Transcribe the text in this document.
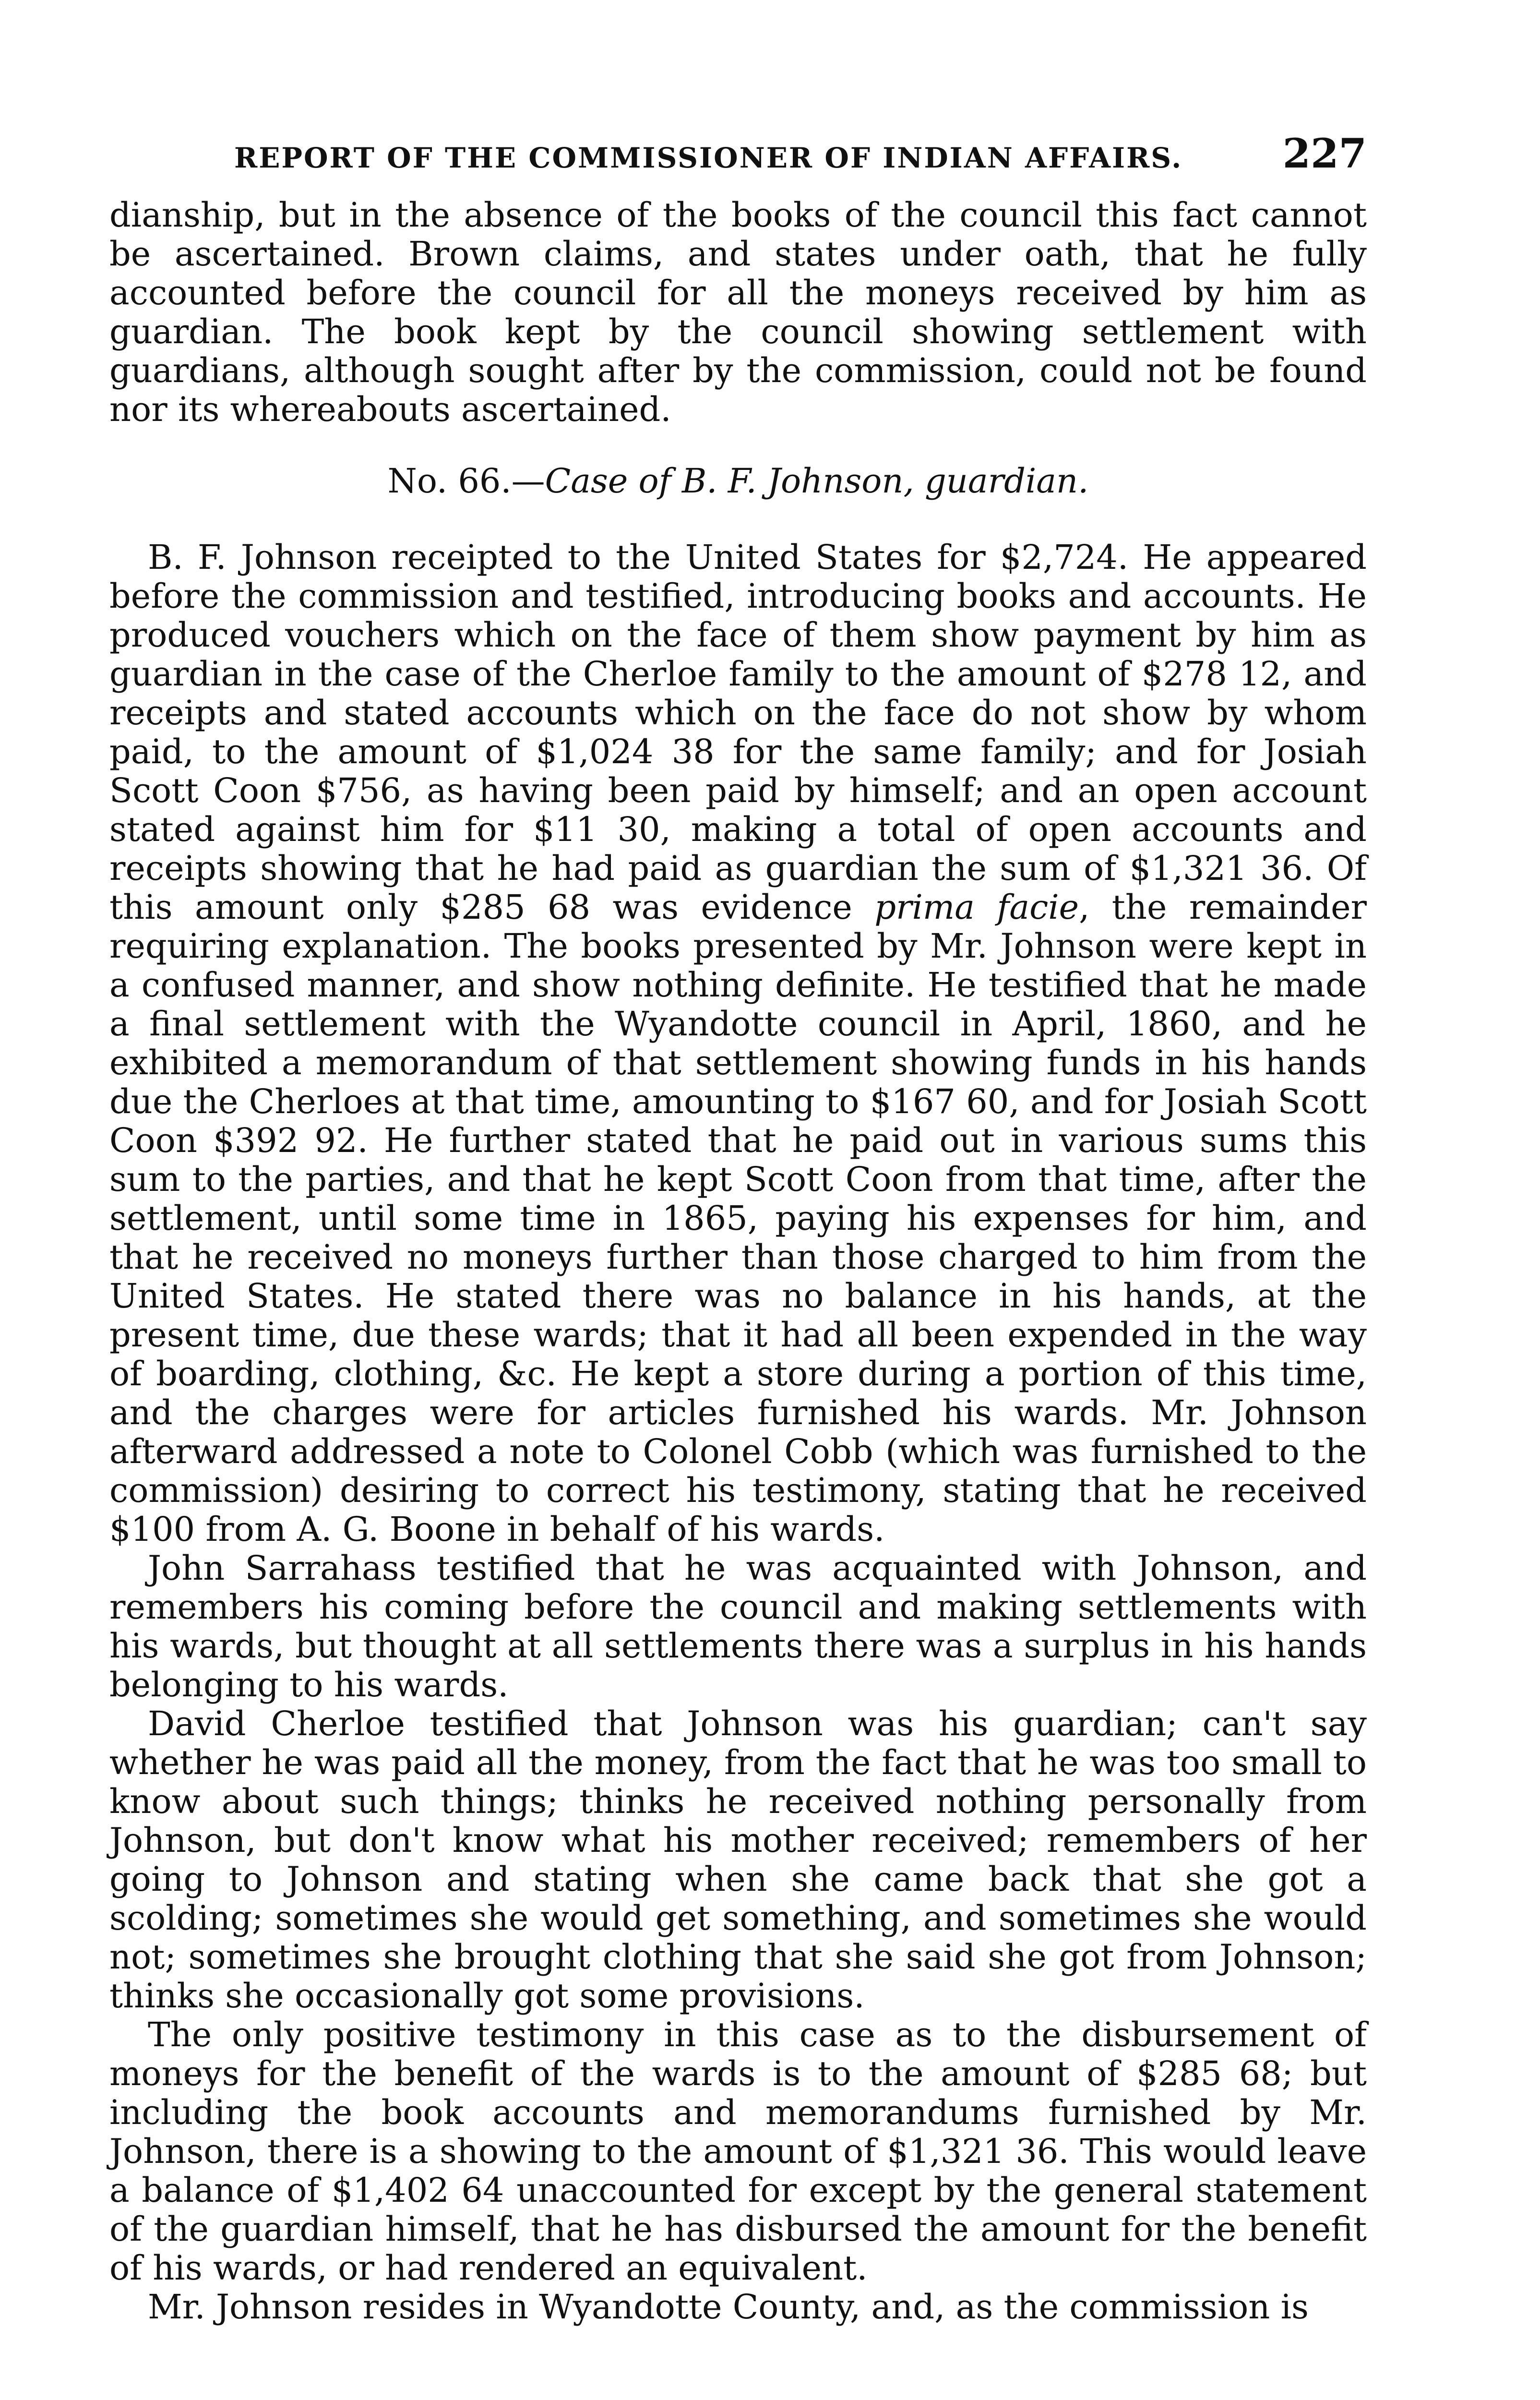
REPORT OF THE COMMISSIONER OF INDIAN AFFAIRS. 227

dianship, but in the absence of the books of the council this fact cannot be ascertained. Brown claims, and states under oath, that he fully accounted before the council for all the moneys received by him as guardian. The book kept by the council showing settlement with guardians, although sought after by the commission, could not be found nor its whereabouts ascertained.

No. 66.—Case of B. F. Johnson, guardian.

B. F. Johnson receipted to the United States for $2,724. He appeared before the commission and testified, introducing books and accounts. He produced vouchers which on the face of them show payment by him as guardian in the case of the Cherloe family to the amount of $278 12, and receipts and stated accounts which on the face do not show by whom paid, to the amount of $1,024 38 for the same family; and for Josiah Scott Coon $756, as having been paid by himself; and an open account stated against him for $11 30, making a total of open accounts and receipts showing that he had paid as guardian the sum of $1,321 36. Of this amount only $285 68 was evidence prima facie, the remainder requiring explanation. The books presented by Mr. Johnson were kept in a confused manner, and show nothing definite. He testified that he made a final settlement with the Wyandotte council in April, 1860, and he exhibited a memorandum of that settlement showing funds in his hands due the Cherloes at that time, amounting to $167 60, and for Josiah Scott Coon $392 92. He further stated that he paid out in various sums this sum to the parties, and that he kept Scott Coon from that time, after the settlement, until some time in 1865, paying his expenses for him, and that he received no moneys further than those charged to him from the United States. He stated there was no balance in his hands, at the present time, due these wards; that it had all been expended in the way of boarding, clothing, &c. He kept a store during a portion of this time, and the charges were for articles furnished his wards. Mr. Johnson afterward addressed a note to Colonel Cobb (which was furnished to the commission) desiring to correct his testimony, stating that he received $100 from A. G. Boone in behalf of his wards.

John Sarrahass testified that he was acquainted with Johnson, and remembers his coming before the council and making settlements with his wards, but thought at all settlements there was a surplus in his hands belonging to his wards.

David Cherloe testified that Johnson was his guardian; can't say whether he was paid all the money, from the fact that he was too small to know about such things; thinks he received nothing personally from Johnson, but don't know what his mother received; remembers of her going to Johnson and stating when she came back that she got a scolding; sometimes she would get something, and sometimes she would not; sometimes she brought clothing that she said she got from Johnson; thinks she occasionally got some provisions.

The only positive testimony in this case as to the disbursement of moneys for the benefit of the wards is to the amount of $285 68; but including the book accounts and memorandums furnished by Mr. Johnson, there is a showing to the amount of $1,321 36. This would leave a balance of $1,402 64 unaccounted for except by the general statement of the guardian himself, that he has disbursed the amount for the benefit of his wards, or had rendered an equivalent.

Mr. Johnson resides in Wyandotte County, and, as the commission is
